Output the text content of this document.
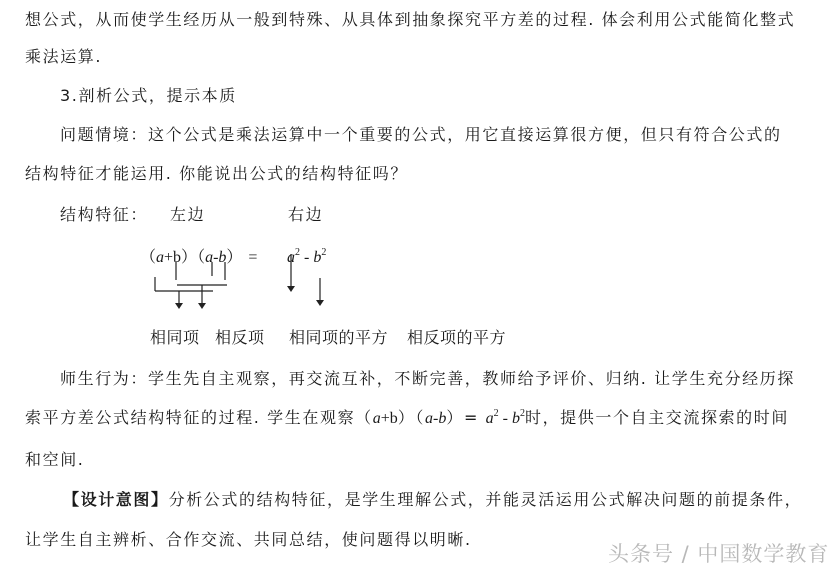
想公式，从而使学生经历从一般到特殊、从具体到抽象探究平方差的过程. 体会利用公式能简化整式
乘法运算.
3.剖析公式，提示本质
问题情境：这个公式是乘法运算中一个重要的公式，用它直接运算很方便，但只有符合公式的
结构特征才能运用. 你能说出公式的结构特征吗？
结构特征： 左边	右边
$(a+b)(a-b) = a^2 - b^2$
相同项 相反项 相同项的平方 相反项的平方
师生行为：学生先自主观察，再交流互补，不断完善，教师给予评价、归纳. 让学生充分经历探
索平方差公式结构特征的过程. 学生在观察$(a+b)(a-b)= a^2 - b^2$时，提供一个自主交流探索的时间
和空间.
【设计意图】分析公式的结构特征，是学生理解公式，并能灵活运用公式解决问题的前提条件，
让学生自主辨析、合作交流、共同总结，使问题得以明晰.
头条号 / 中国数学教育
